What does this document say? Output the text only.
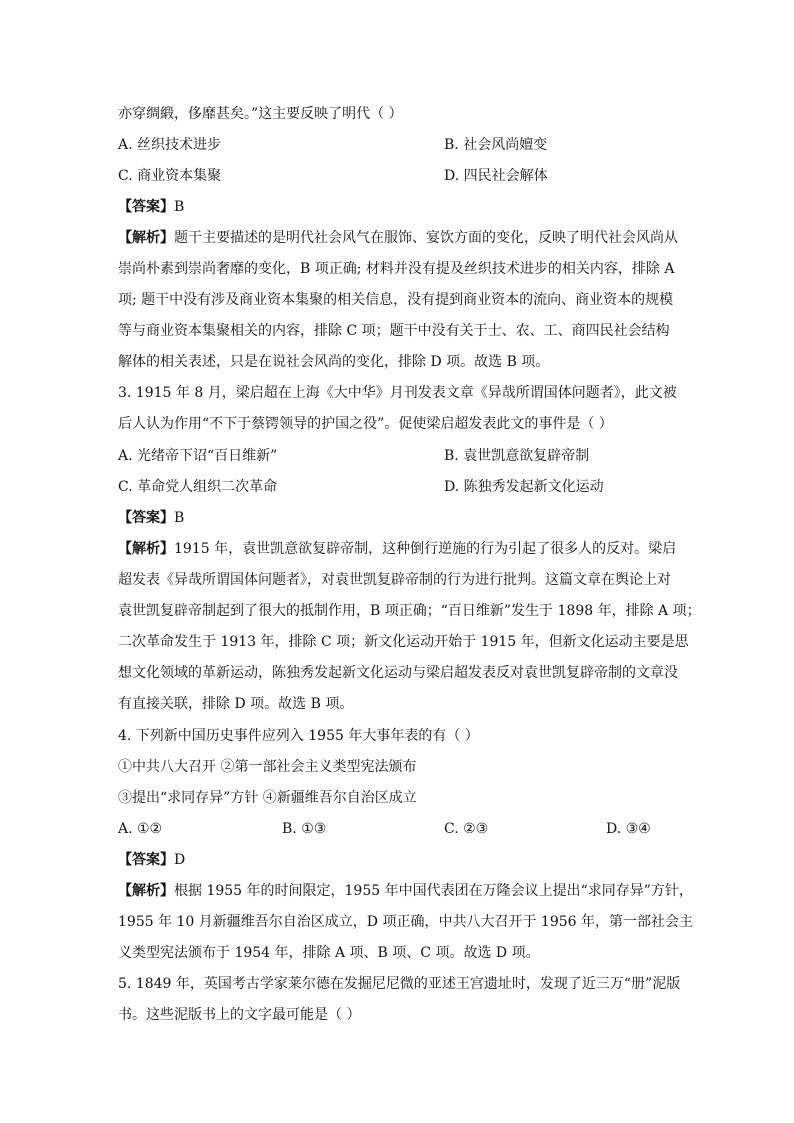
亦穿绸緞，侈靡甚矣。”这主要反映了明代（ ）
A. 丝织技术进步	B. 社会风尚嬗变
C. 商业资本集聚	D. 四民社会解体
【答案】B
【解析】题干主要描述的是明代社会风气在服饰、宴饮方面的变化，反映了明代社会风尚从
崇尚朴素到崇尚奢靡的变化，B 项正确; 材料并没有提及丝织技术进步的相关内容，排除 A
项; 题干中没有涉及商业资本集聚的相关信息，没有提到商业资本的流向、商业资本的规模
等与商业资本集聚相关的内容，排除 C 项；题干中没有关于士、农、工、商四民社会结构
解体的相关表述，只是在说社会风尚的变化，排除 D 项。故选 B 项。
3. 1915 年 8 月，梁启超在上海《大中华》月刊发表文章《异哉所谓国体问题者》，此文被
后人认为作用“不下于蔡锷领导的护国之役”。促使梁启超发表此文的事件是（ ）
A. 光绪帝下诏“百日维新”	B. 袁世凯意欲复辟帝制
C. 革命党人组织二次革命	D. 陈独秀发起新文化运动
【答案】B
【解析】1915 年，袁世凯意欲复辟帝制，这种倒行逆施的行为引起了很多人的反对。梁启
超发表《异哉所谓国体问题者》，对袁世凯复辟帝制的行为进行批判。这篇文章在舆论上对
袁世凯复辟帝制起到了很大的抵制作用，B 项正确；“百日维新”发生于 1898 年，排除 A 项；
二次革命发生于 1913 年，排除 C 项；新文化运动开始于 1915 年，但新文化运动主要是思
想文化领域的革新运动，陈独秀发起新文化运动与梁启超发表反对袁世凯复辟帝制的文章没
有直接关联，排除 D 项。故选 B 项。
4. 下列新中国历史事件应列入 1955 年大事年表的有（ ）
①中共八大召开 ②第一部社会主义类型宪法颁布
③提出“求同存异”方针 ④新疆维吾尔自治区成立
A. ①②	B. ①③	C. ②③	D. ③④
【答案】D
【解析】根据 1955 年的时间限定，1955 年中国代表团在万隆会议上提出“求同存异”方针，
1955 年 10 月新疆维吾尔自治区成立，D 项正确，中共八大召开于 1956 年，第一部社会主
义类型宪法颁布于 1954 年，排除 A 项、B 项、C 项。故选 D 项。
5. 1849 年，英国考古学家莱尔德在发掘尼尼微的亚述王宫遗址时，发现了近三万“册”泥版
书。这些泥版书上的文字最可能是（ ）
